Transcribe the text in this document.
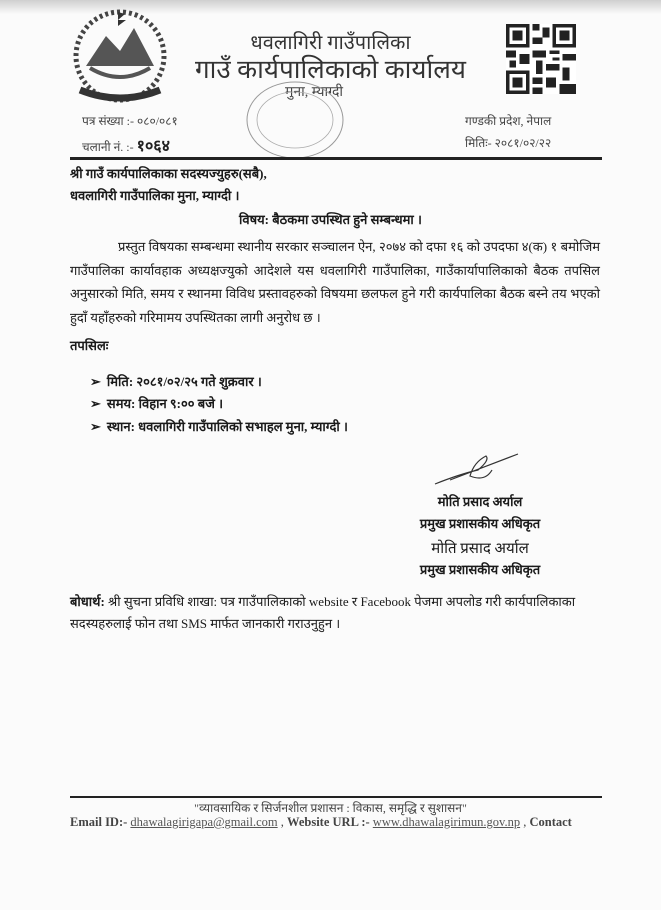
धवलागिरी गाउँपालिका
गाउँ कार्यपालिकाको कार्यालय
मुना, म्याग्दी
पत्र संख्या :- ०८०/०८१
चलानी नं. :- १०६४
गण्डकी प्रदेश, नेपाल
मितिः- २०८१/०२/२२
श्री गाउँ कार्यपालिकाका सदस्यज्युहरु(सबै),
धवलागिरी गाउँपालिका मुना, म्याग्दी ।
विषय: बैठकमा उपस्थित हुने सम्बन्धमा ।
प्रस्तुत विषयका सम्बन्धमा स्थानीय सरकार सञ्चालन ऐन, २०७४ को दफा १६ को उपदफा ४(क) १ बमोजिम गाउँपालिका कार्यावहाक अध्यक्षज्युको आदेशले यस धवलागिरी गाउँपालिका, गाउँकार्यापालिकाको बैठक तपसिल अनुसारको मिति, समय र स्थानमा विविध प्रस्तावहरुको विषयमा छलफल हुने गरी कार्यपालिका बैठक बस्ने तय भएको हुदाँ यहाँहरुको गरिमामय उपस्थितका लागी अनुरोध छ ।
तपसिलः
➢ मिति: २०८१/०२/२५ गते शुक्रवार ।
➢ समय: विहान ९:०० बजे ।
➢ स्थान: धवलागिरी गाउँपालिको सभाहल मुना, म्याग्दी ।
मोति प्रसाद अर्याल
प्रमुख प्रशासकीय अधिकृत
मोति प्रसाद अर्याल
प्रमुख प्रशासकीय अधिकृत
बोधार्थ: श्री सुचना प्रविधि शाखा: पत्र गाउँपालिकाको website र Facebook पेजमा अपलोड गरी कार्यपालिकाका सदस्यहरुलाई फोन तथा SMS मार्फत जानकारी गराउनुहुन ।
"व्यावसायिक र सिर्जनशील प्रशासन : विकास, समृद्धि र सुशासन"
Email ID:- dhawalagirigapa@gmail.com , Website URL :- www.dhawalagirimun.gov.np , Contact
